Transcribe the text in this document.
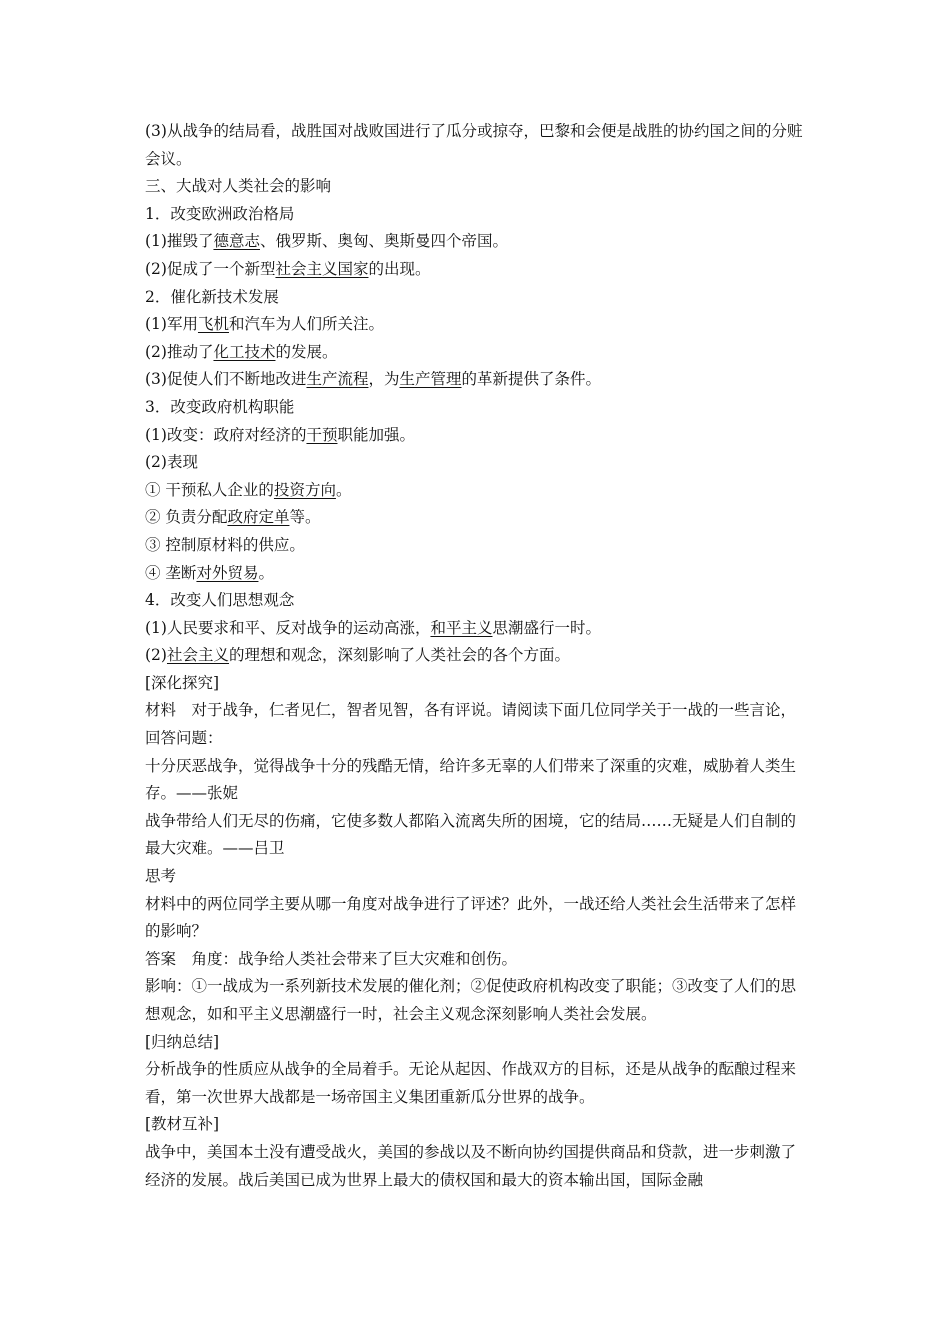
(3)从战争的结局看，战胜国对战败国进行了瓜分或掠夺，巴黎和会便是战胜的协约国之间的分赃会议。
三、大战对人类社会的影响
1．改变欧洲政治格局
(1)摧毁了德意志、俄罗斯、奥匈、奥斯曼四个帝国。
(2)促成了一个新型社会主义国家的出现。
2．催化新技术发展
(1)军用飞机和汽车为人们所关注。
(2)推动了化工技术的发展。
(3)促使人们不断地改进生产流程，为生产管理的革新提供了条件。
3．改变政府机构职能
(1)改变：政府对经济的干预职能加强。
(2)表现
① 干预私人企业的投资方向。
② 负责分配政府定单等。
③ 控制原材料的供应。
④ 垄断对外贸易。
4．改变人们思想观念
(1)人民要求和平、反对战争的运动高涨，和平主义思潮盛行一时。
(2)社会主义的理想和观念，深刻影响了人类社会的各个方面。
[深化探究]
材料　对于战争，仁者见仁，智者见智，各有评说。请阅读下面几位同学关于一战的一些言论，回答问题：
十分厌恶战争，觉得战争十分的残酷无情，给许多无辜的人们带来了深重的灾难，威胁着人类生存。——张妮
战争带给人们无尽的伤痛，它使多数人都陷入流离失所的困境，它的结局……无疑是人们自制的最大灾难。——吕卫
思考
材料中的两位同学主要从哪一角度对战争进行了评述？此外，一战还给人类社会生活带来了怎样的影响？
答案　角度：战争给人类社会带来了巨大灾难和创伤。
影响：①一战成为一系列新技术发展的催化剂；②促使政府机构改变了职能；③改变了人们的思想观念，如和平主义思潮盛行一时，社会主义观念深刻影响人类社会发展。
[归纳总结]
分析战争的性质应从战争的全局着手。无论从起因、作战双方的目标，还是从战争的酝酿过程来看，第一次世界大战都是一场帝国主义集团重新瓜分世界的战争。
[教材互补]
战争中，美国本土没有遭受战火，美国的参战以及不断向协约国提供商品和贷款，进一步刺激了经济的发展。战后美国已成为世界上最大的债权国和最大的资本输出国，国际金融
